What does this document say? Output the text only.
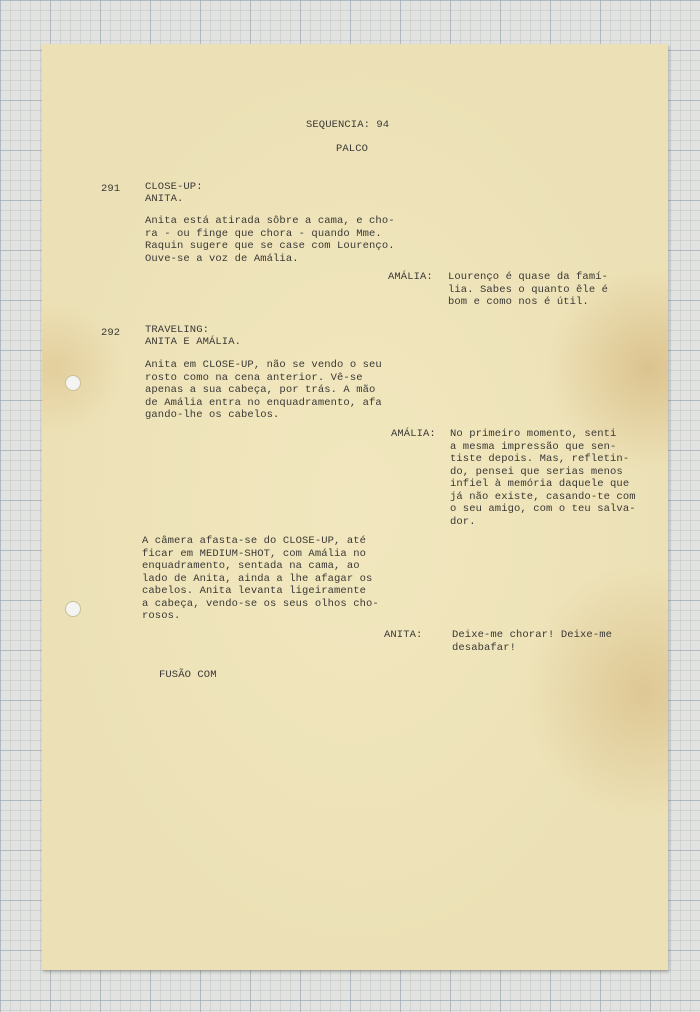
SEQUENCIA: 94

PALCO

291 CLOSE-UP:

ANITA.

Anita está atirada sôbre a cama, e cho-
ra - ou finge que chora - quando Mme.
Raquin sugere que se case com Lourenço.
Ouve-se a voz de Amália.

AMÁLIA: Lourenço é quase da famí-
lia. Sabes o quanto êle é
bom e como nos é útil.

292 TRAVELING:

ANITA E AMÁLIA.

Anita em CLOSE-UP, não se vendo o seu
rosto como na cena anterior. Vê-se
apenas a sua cabeça, por trás. A mão
de Amália entra no enquadramento, afa
gando-lhe os cabelos.

AMÁLIA: No primeiro momento, senti
a mesma impressão que sen-
tiste depois. Mas, refletin-
do, pensei que serias menos
infiel à memória daquele que
já não existe, casando-te com
o seu amigo, com o teu salva-
dor.

A câmera afasta-se do CLOSE-UP, até
ficar em MEDIUM-SHOT, com Amália no
enquadramento, sentada na cama, ao
lado de Anita, ainda a lhe afagar os
cabelos. Anita levanta ligeiramente
a cabeça, vendo-se os seus olhos cho-
rosos.

ANITA:	Deixe-me chorar! Deixe-me
desabafar!

FUSÃO COM
